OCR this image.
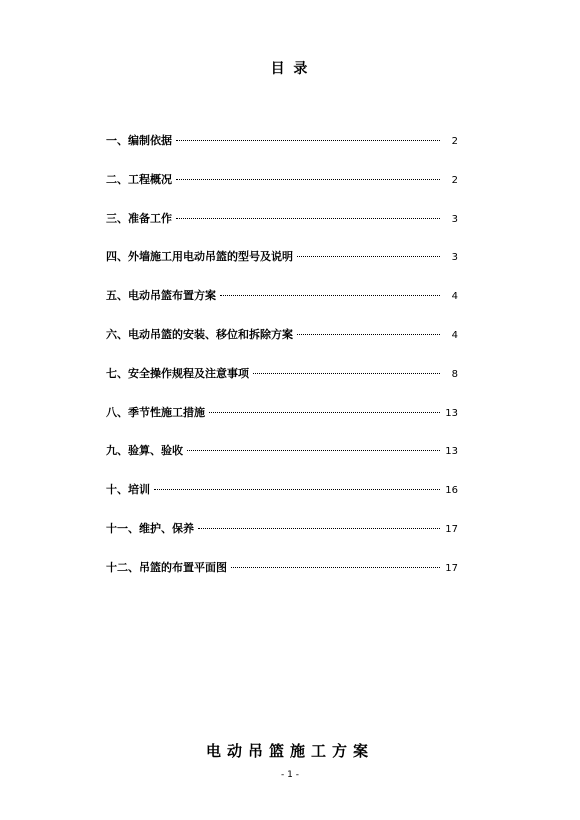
目 录
一、编制依据	2
二、工程概况	2
三、准备工作	3
四、外墙施工用电动吊篮的型号及说明	3
五、电动吊篮布置方案	4
六、电动吊篮的安装、移位和拆除方案	4
七、安全操作规程及注意事项	8
八、季节性施工措施	13
九、验算、验收	13
十、培训	16
十一、维护、保养	17
十二、吊篮的布置平面图	17
电动吊篮施工方案
- 1 -
